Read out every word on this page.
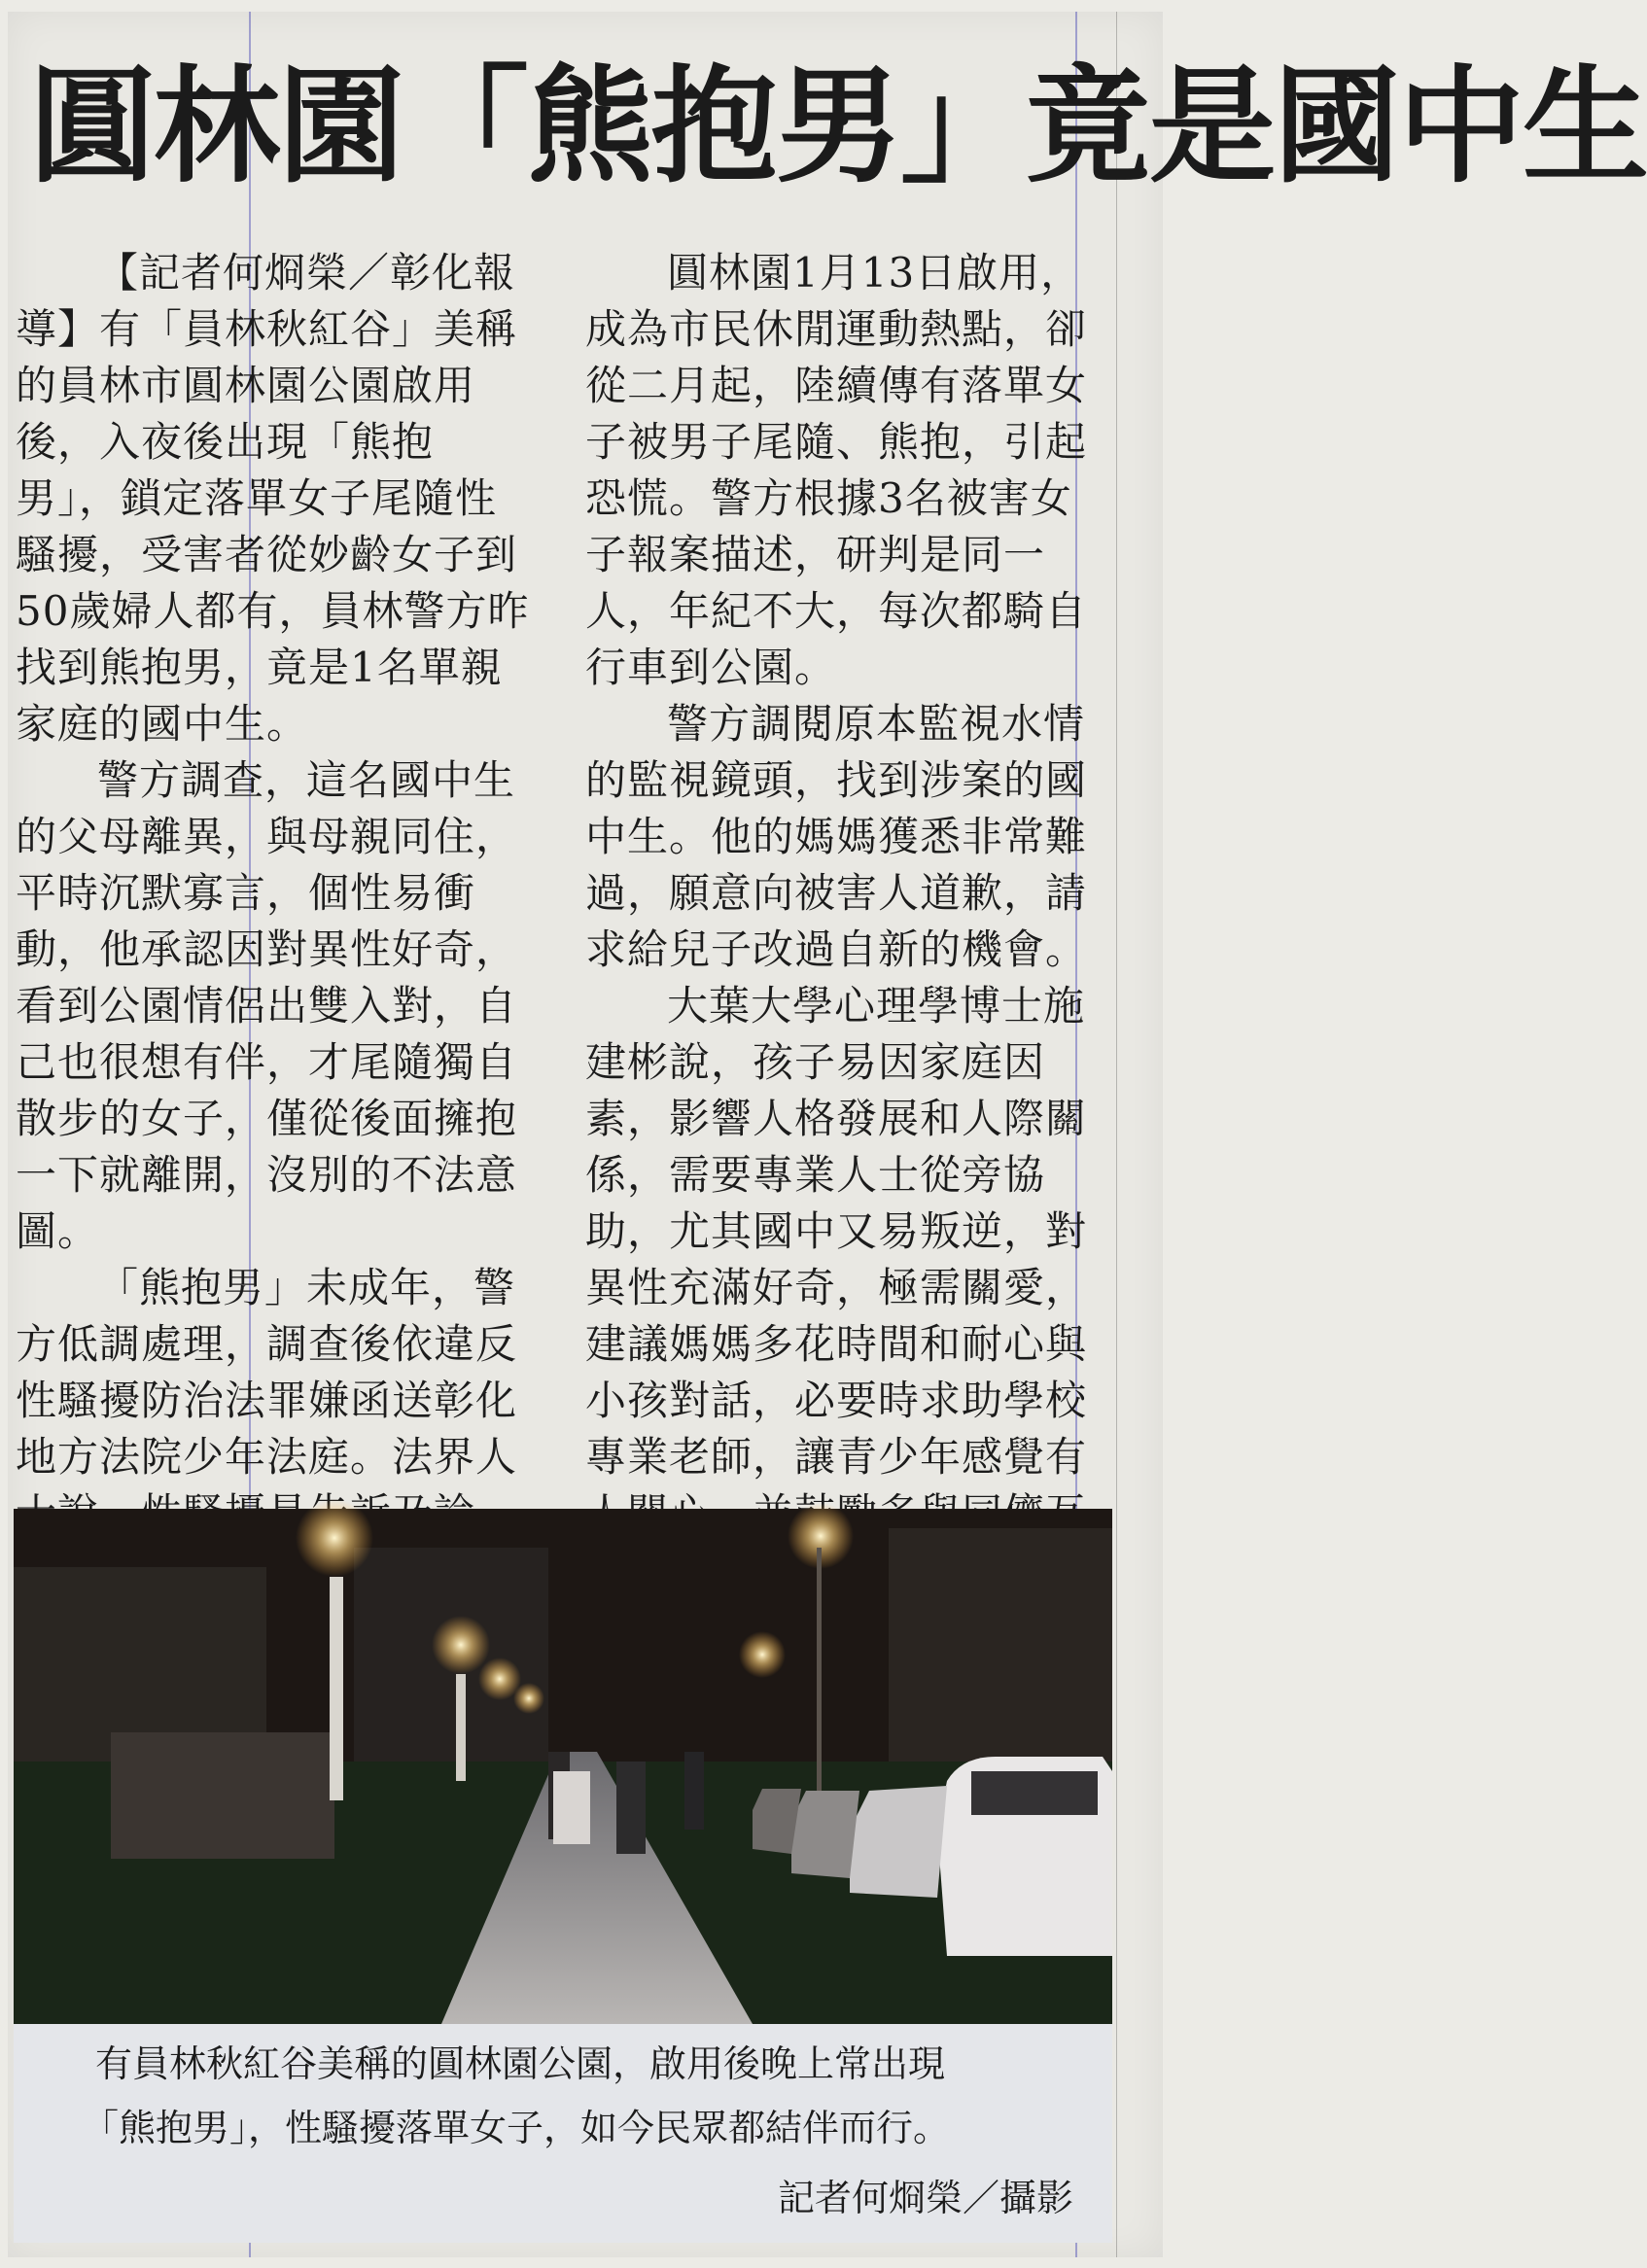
圓林園「熊抱男」竟是國中生

【記者何烱榮／彰化報導】有「員林秋紅谷」美稱的員林市圓林園公園啟用後，入夜後出現「熊抱男」，鎖定落單女子尾隨性騷擾，受害者從妙齡女子到50歲婦人都有，員林警方昨找到熊抱男，竟是1名單親家庭的國中生。

警方調查，這名國中生的父母離異，與母親同住，平時沉默寡言，個性易衝動，他承認因對異性好奇，看到公園情侶出雙入對，自己也很想有伴，才尾隨獨自散步的女子，僅從後面擁抱一下就離開，沒別的不法意圖。

「熊抱男」未成年，警方低調處理，調查後依違反性騷擾防治法罪嫌函送彰化地方法院少年法庭。法界人

圓林園1月13日啟用，成為市民休閒運動熱點，卻從二月起，陸續傳有落單女子被男子尾隨、熊抱，引起恐慌。警方根據3名被害女子報案描述，研判是同一人，年紀不大，每次都騎自行車到公園。

警方調閱原本監視水情的監視鏡頭，找到涉案的國中生。他的媽媽獲悉非常難過，願意向被害人道歉，請求給兒子改過自新的機會。

大葉大學心理學博士施建彬說，孩子易因家庭因素，影響人格發展和人際關係，需要專業人士從旁協助，尤其國中又易叛逆，對異性充滿好奇，極需關愛，建議媽媽多花時間和耐心與小孩對話，必要時求助學校專業老師，讓青少年感覺有

有員林秋紅谷美稱的圓林園公園，啟用後晚上常出現
「熊抱男」，性騷擾落單女子，如今民眾都結伴而行。
記者何烱榮／攝影
